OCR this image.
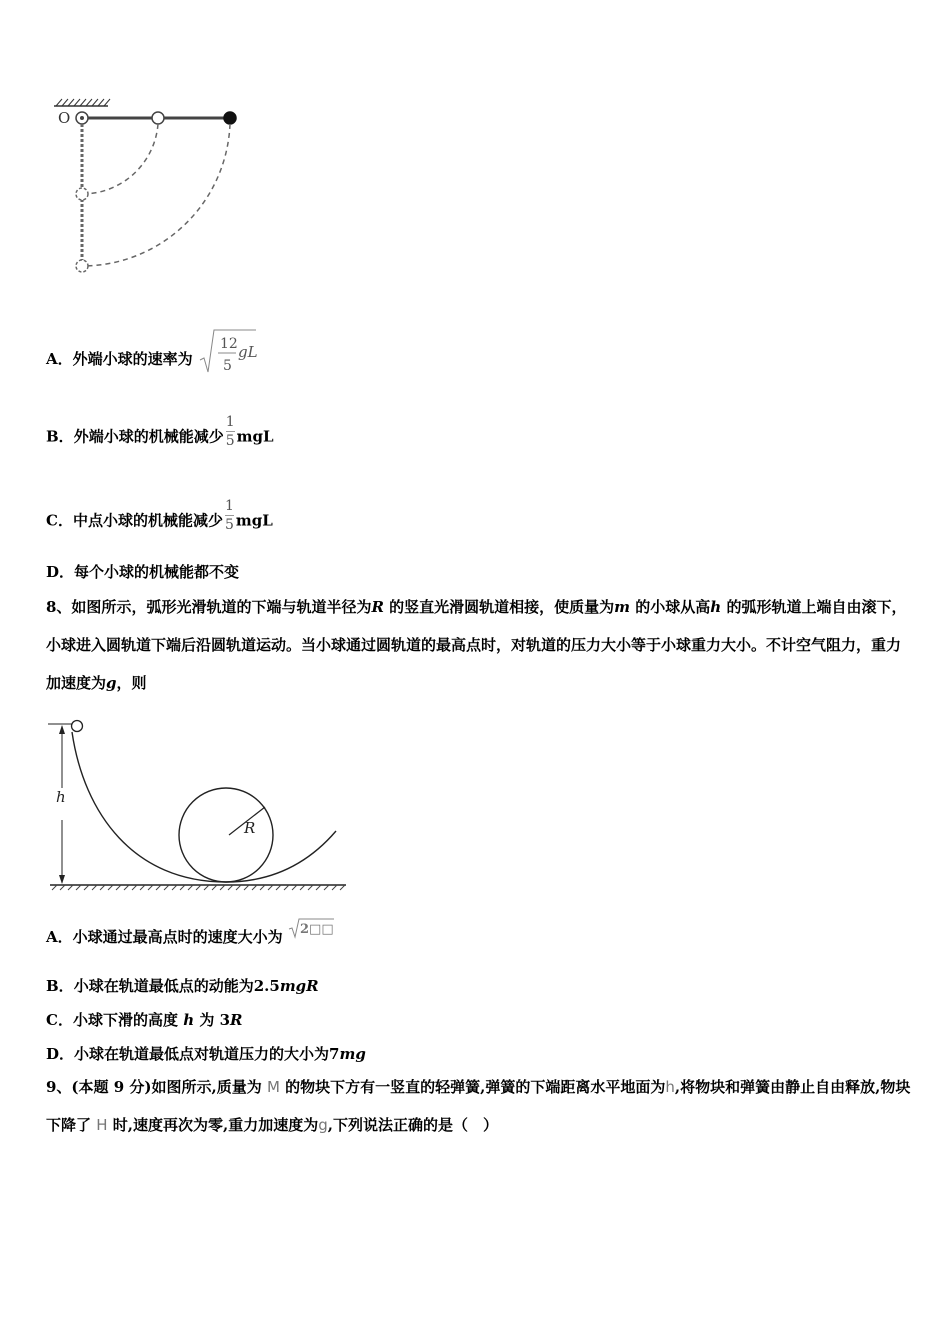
O
A．外端小球的速率为
12
5
gL
B．外端小球的机械能减少 $\frac{1}{5}$ mgL
C．中点小球的机械能减少 $\frac{1}{5}$ mgL
D．每个小球的机械能都不变
8、如图所示，弧形光滑轨道的下端与轨道半径为R 的竖直光滑圆轨道相接，使质量为m 的小球从高h 的弧形轨道上端自由滚下，小球进入圆轨道下端后沿圆轨道运动。当小球通过圆轨道的最高点时，对轨道的压力大小等于小球重力大小。不计空气阻力，重力加速度为g，则
h
R
A．小球通过最高点时的速度大小为 2□□
B．小球在轨道最低点的动能为2.5mgR
C．小球下滑的高度 h 为 3R
D．小球在轨道最低点对轨道压力的大小为7mg
9、(本题 9 分)如图所示,质量为 M 的物块下方有一竖直的轻弹簧,弹簧的下端距离水平地面为h,将物块和弹簧由静止自由释放,物块下降了 H 时,速度再次为零,重力加速度为g,下列说法正确的是（　）
